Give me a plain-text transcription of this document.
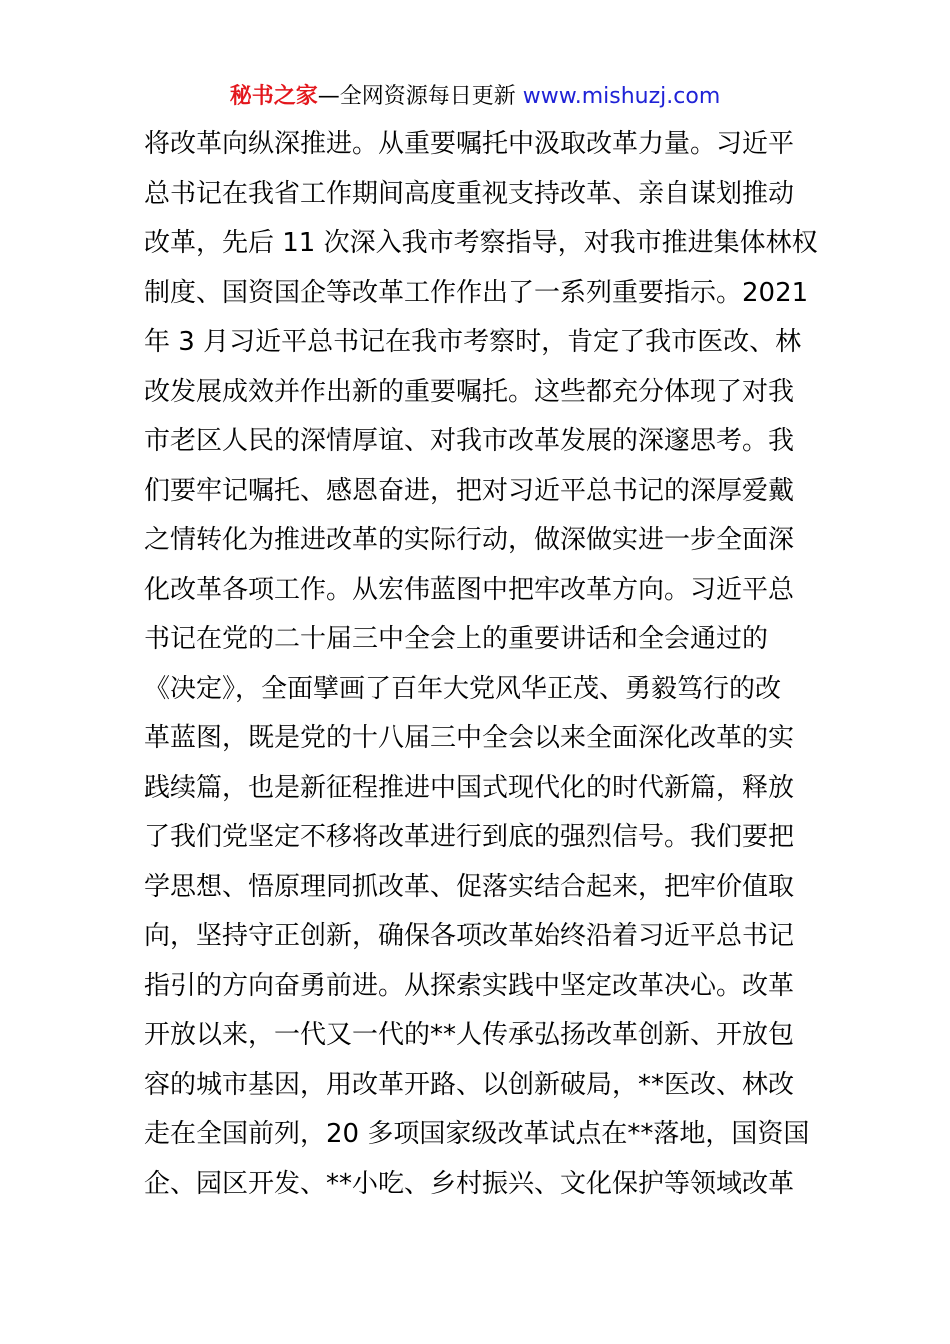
秘书之家—全网资源每日更新 www.mishuzj.com
将改革向纵深推进。从重要嘱托中汲取改革力量。习近平
总书记在我省工作期间高度重视支持改革、亲自谋划推动
改革，先后 11 次深入我市考察指导，对我市推进集体林权
制度、国资国企等改革工作作出了一系列重要指示。2021
年 3 月习近平总书记在我市考察时，肯定了我市医改、林
改发展成效并作出新的重要嘱托。这些都充分体现了对我
市老区人民的深情厚谊、对我市改革发展的深邃思考。我
们要牢记嘱托、感恩奋进，把对习近平总书记的深厚爱戴
之情转化为推进改革的实际行动，做深做实进一步全面深
化改革各项工作。从宏伟蓝图中把牢改革方向。习近平总
书记在党的二十届三中全会上的重要讲话和全会通过的
《决定》，全面擘画了百年大党风华正茂、勇毅笃行的改
革蓝图，既是党的十八届三中全会以来全面深化改革的实
践续篇，也是新征程推进中国式现代化的时代新篇，释放
了我们党坚定不移将改革进行到底的强烈信号。我们要把
学思想、悟原理同抓改革、促落实结合起来，把牢价值取
向，坚持守正创新，确保各项改革始终沿着习近平总书记
指引的方向奋勇前进。从探索实践中坚定改革决心。改革
开放以来，一代又一代的**人传承弘扬改革创新、开放包
容的城市基因，用改革开路、以创新破局，**医改、林改
走在全国前列，20 多项国家级改革试点在**落地，国资国
企、园区开发、**小吃、乡村振兴、文化保护等领域改革
